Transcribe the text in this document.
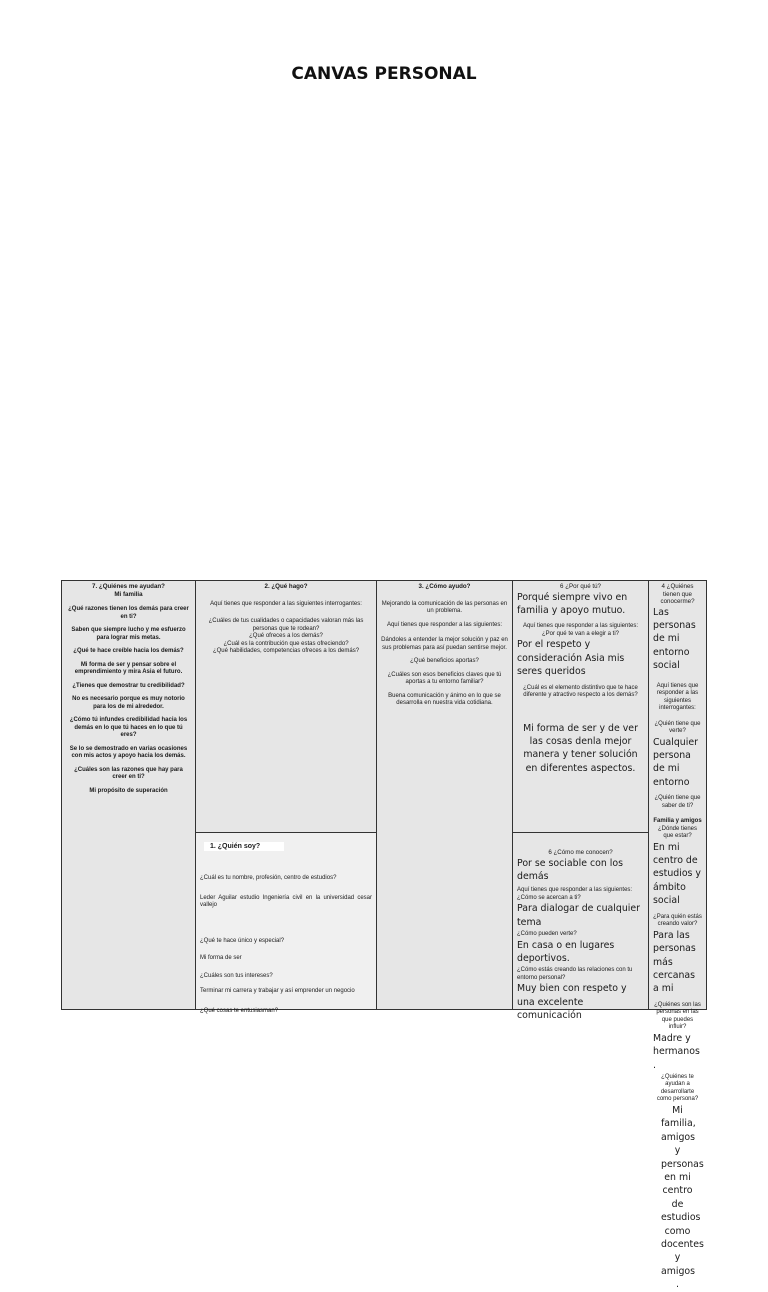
CANVAS PERSONAL
7. ¿Quiénes me ayudan?
Mi familia

¿Qué razones tienen los demás para creer en ti?

Saben que siempre lucho y me esfuerzo para lograr mis metas.

¿Qué te hace creíble hacia los demás?

Mi forma de ser y pensar sobre el emprendimiento y mira Asia el futuro.

¿Tienes que demostrar tu credibilidad?

No es necesario porque es muy notorio para los de mi alrededor.

¿Cómo tú infundes credibilidad hacia los demás en lo que tú haces en lo que tú eres?

Se lo se demostrado en varias ocasiones con mis actos y apoyo hacia los demás.

¿Cuáles son las razones que hay para creer en ti?

Mi propósito de superación

2. ¿Qué hago?

Aquí tienes que responder a las siguientes interrogantes:

¿Cuáles de tus cualidades o capacidades valoran más las personas que te rodean?

¿Qué ofreces a los demás?

¿Cuál es la contribución que estas ofreciendo?

¿Qué habilidades, competencias ofreces a los demás?

1. ¿Quién soy?

¿Cuál es tu nombre, profesión, centro de estudios?

Leder Aguilar estudio Ingeniería civil en la universidad cesar vallejo

¿Qué te hace único y especial?

Mi forma de ser

¿Cuáles son tus intereses?

Terminar mi carrera y trabajar y así emprender un negocio

¿Qué cosas te entusiasman?

3. ¿Cómo ayudo?

Mejorando la comunicación de las personas en un problema.

Aquí tienes que responder a las siguientes:

Dándoles a entender la mejor solución y paz en sus problemas para así puedan sentirse mejor.

¿Qué beneficios aportas?

¿Cuáles son esos beneficios claves que tú aportas a tu entorno familiar?

Buena comunicación y ánimo en lo que se desarrolla en nuestra vida cotidiana.

6 ¿Por qué tú?

Porqué siempre vivo en familia y apoyo mutuo.

Aquí tienes que responder a las siguientes:

¿Por qué te van a elegir a ti?

Por el respeto y consideración Asia mis seres queridos

¿Cuál es el elemento distintivo que te hace diferente y atractivo respecto a los demás?

Mi forma de ser y de ver las cosas denla mejor manera y tener solución en diferentes aspectos.

6 ¿Cómo me conocen?

Por se sociable con los demás

Aquí tienes que responder a las siguientes:

¿Cómo se acercan a ti?

Para dialogar de cualquier tema

¿Cómo pueden verte?

En casa o en lugares deportivos.

¿Cómo estás creando las relaciones con tu entorno personal?

Muy bien con respeto y una excelente comunicación

4 ¿Quiénes tienen que conocerme?

Las personas de mi entorno social

Aquí tienes que responder a las siguientes interrogantes:

¿Quién tiene que verte?

Cualquier persona de mi entorno

¿Quién tiene que saber de ti?

Familia y amigos

¿Dónde tienes que estar?

En mi centro de estudios y ámbito social

¿Para quién estás creando valor?

Para las personas más cercanas a mi

¿Quiénes son las personas en las que puedes influir?

Madre y hermanos .

¿Quiénes te ayudan a desarrollarte como persona?

Mi familia, amigos y personas en mi centro de estudios como docentes y amigos .
